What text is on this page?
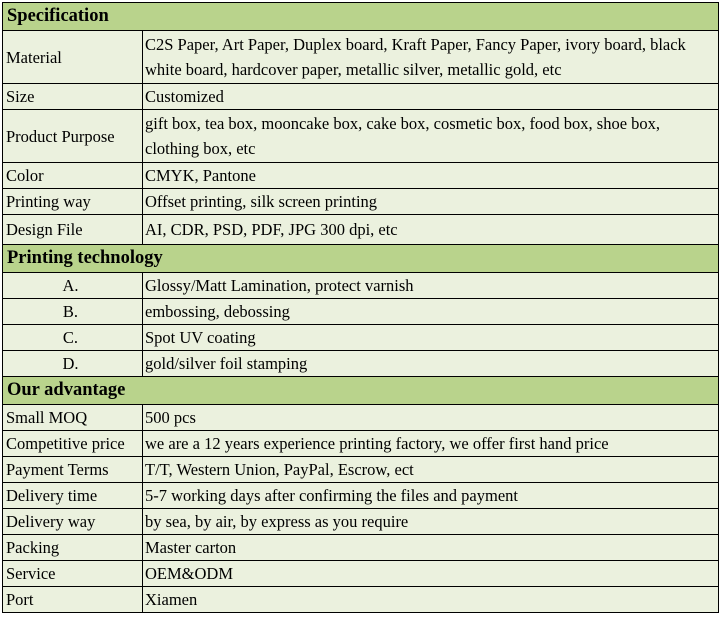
Specification	
Material	C2S Paper, Art Paper, Duplex board, Kraft Paper, Fancy Paper, ivory board, black white board, hardcover paper, metallic silver, metallic gold, etc
Size	Customized
Product Purpose	gift box, tea box, mooncake box, cake box, cosmetic box, food box, shoe box, clothing box, etc
Color	CMYK, Pantone
Printing way	Offset printing, silk screen printing
Design File	AI, CDR, PSD, PDF, JPG 300 dpi, etc
Printing technology	
A.	Glossy/Matt Lamination, protect varnish
B.	embossing, debossing
C.	Spot UV coating
D.	gold/silver foil stamping
Our advantage	
Small MOQ	500 pcs
Competitive price	we are a 12 years experience printing factory, we offer first hand price
Payment Terms	T/T, Western Union, PayPal, Escrow, ect
Delivery time	5-7 working days after confirming the files and payment
Delivery way	by sea, by air, by express as you require
Packing	Master carton
Service	OEM&ODM
Port	Xiamen
